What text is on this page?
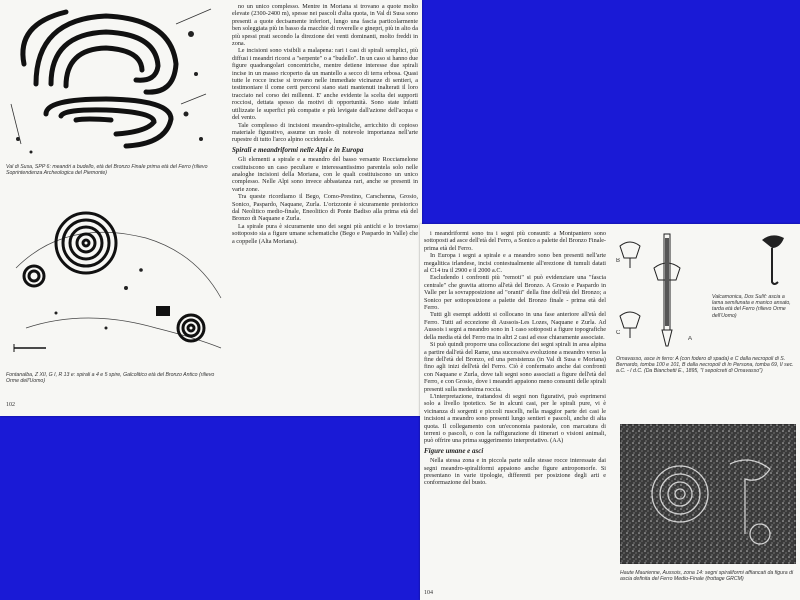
Val di Susa, SPP 6: meandri a budello, età del Bronzo Finale prima età del Ferro (rilievo Soprintendenza Archeologica del Piemonte)
Fontanalba, Z XII, G I, R 13 e: spirali a 4 e 5 spire, Galcolitico età del Bronzo Antico (rilievo Orme dell'Uomo)
102

no un unico complesso. Mentre in Moriana si trovano a quote molto elevate (2300-2400 m), spesse nei pascoli d'alta quota, in Val di Susa sono presenti a quote decisamente inferiori, lungo una fascia particolarmente ben soleggiata più in basso da macchie di roverelle e ginepri, più in alto da più spessi prati secondo la direzione dei venti dominanti, molto freddi in zona.

Le incisioni sono visibili a malapena: rari i casi di spirali semplici, più diffusi i meandri ricorsi a "serpente" o a "budello". In un caso si hanno due figure quadrangolari concentriche, mentre detiene interesse due spirali incise in un masso ricoperto da un mantello a secco di terra erbosa. Quasi tutte le rocce incise si trovano nelle immediate vicinanze di sentieri, a testimoniare il come certi percorsi siano stati mantenuti inalterati il loro tracciato nel corso dei millenni. E' anche evidente la scelta dei supporti rocciosi, dettata spesso da motivi di opportunità. Sono state infatti utilizzate le superfici più compatte e più levigate dall'azione dell'acqua e del vento.

Tale complesso di incisioni meandro-spiraliche, arricchito di copioso materiale figurativo, assume un ruolo di notevole importanza nell'arte rupestre di tutto l'arco alpino occidentale.

Spirali e meandriformi nelle Alpi e in Europa

Gli elementi a spirale e a meandro del basso versante Rocciamelone costituiscono un caso peculiare e interessantissimo parentela solo nelle analoghe incisioni della Moriana, con le quali costituiscono un unico complesso. Nelle Alpi sono invece abbastanza rari, anche se presenti in varie zone.

Tra queste ricordiamo il Bego, Como-Prestino, Carschenna, Grosio, Sonico, Paspardo, Naquane, Zurla. L'orizzonte è sicuramente preistorico dal Neolitico medio-finale, Eneolitico di Ponte Badiso alla prima età del Bronzo di Naquane e Zurla.

La spirale pura è sicuramente uno dei segni più antichi e lo troviamo sottoposto sia a figure umane schematiche (Bego e Paspardo in Valle) che a coppelle (Alta Moriana).

i meandriformi sono tra i segni più consunti: a Montpantero sono sottoposti ad asce dell'età del Ferro, a Sonico a palette del Bronzo Finale-prima età del Ferro.

In Europa i segni a spirale e a meandro sono ben presenti nell'arte megalitica irlandese, incisi contestualmente all'erezione di tumuli datati al C14 tra il 2900 e il 2000 a.C.

Escludendo i confronti più "remoti" si può evidenziare una "fascia centrale" che gravita attorno all'età del Bronzo. A Grosio e Paspardo in Valle per la sovrapposizione ad "oranti" della fine dell'età del Bronzo; a Sonico per sottoposizione a palette del Bronzo finale - prima età del Ferro.

Tutti gli esempi addotti si collocano in una fase anteriore all'età del Ferro. Tutti ad eccezione di Aussois-Les Lozes, Naquane e Zurla. Ad Aussois i segni a meandro sono in 1 caso sottoposti a figure topografiche della media età del Ferro ma in altri 2 casi ad esse chiaramente associate.

Si può quindi proporre una collocazione dei segni spirali in area alpina a partire dall'età del Rame, una successiva evoluzione a meandro verso la fine dell'età del Bronzo, ed una persistenza (in Val di Susa e Moriana) fino agli inizi dell'età del Ferro. Ciò è confermato anche dai confronti con Naquane e Zurla, dove tali segni sono associati a figure dell'età del Ferro, e con Grosio, dove i meandri appaiono meno consunti delle spirali presenti sulla medesima roccia.

L'interpretazione, trattandosi di segni non figurativi, può esprimersi solo a livello ipotetico. Se in alcuni casi, per le spirali pure, vi è vicinanza di sorgenti e piccoli ruscelli, nella maggior parte dei casi le incisioni a meandro sono presenti lungo sentieri e pascoli, anche di alta quota. Il collegamento con un'economia pastorale, con marcatura di terreni o pascoli, o con la raffigurazione di itinerari o visioni animali, può offrire una prima suggerimento interpretativo. (AA)

Figure umane e asci

Nella stessa zona e in piccola parte sulle stesse rocce interessate dai segni meandro-spiraliformi appaiono anche figure antropomorfe. Si presentano in varie tipologie, differenti per posizione degli arti e conformazione del busto.

104
B
A
C
Valcamonica, Dos Sulìf: ascia a lama semilunata e manico ansato, tarda età del Ferro (rilievo Orme dell'Uomo)
Ornavasso, asce in ferro: A (con fodero di spada) e C dalla necropoli di S. Bernardo, tomba 100 e 101, B dalla necropoli di In Persona, tomba 69, II sec. a.C. - I d.C. (Da Bianchetti E., 1895, "I sepolcreti di Ornavasso")
Haute Maurienne, Aussois, zona 14: segni spiraliformi affiancati da figura di ascia definita del Ferro Medio-Finale (frottage GRCM)
